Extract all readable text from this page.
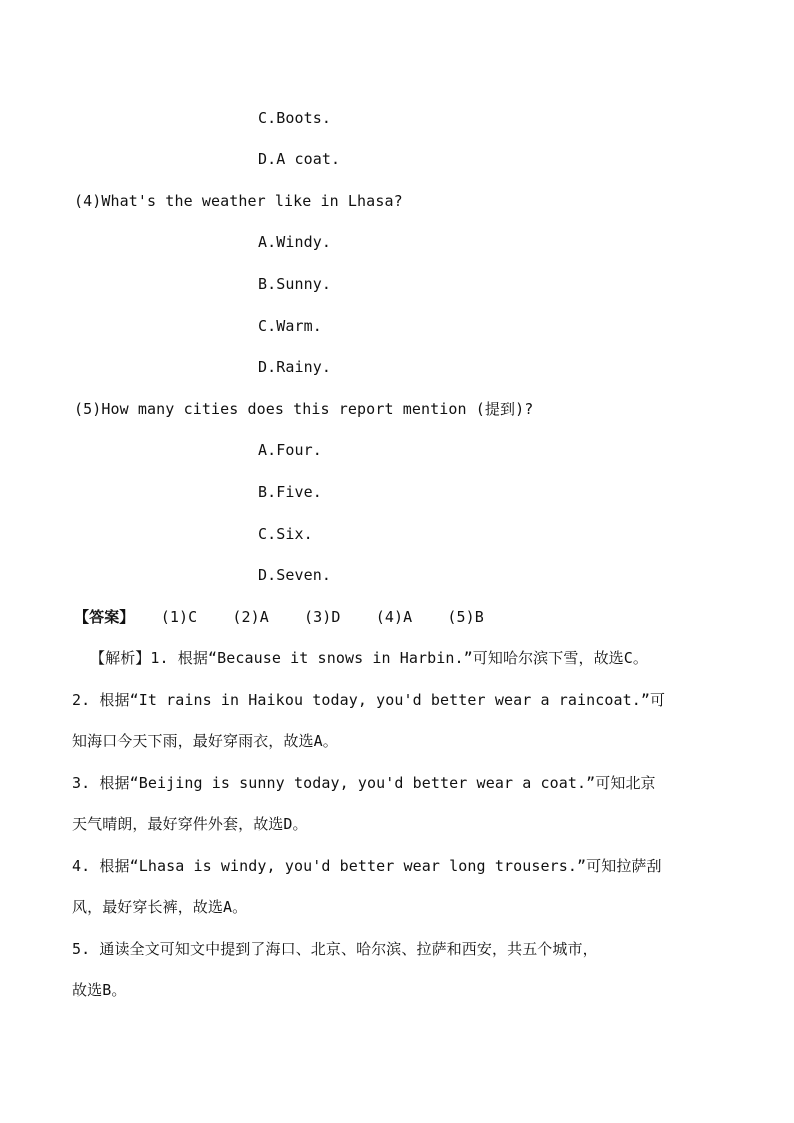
C.Boots.
D.A coat.
(4)What's the weather like in Lhasa?
A.Windy.
B.Sunny.
C.Warm.
D.Rainy.
(5)How many cities does this report mention (提到)?
A.Four.
B.Five.
C.Six.
D.Seven.
【答案】 (1)C (2)A (3)D (4)A (5)B
【解析】1. 根据“Because it snows in Harbin.”可知哈尔滨下雪，故选C。
2. 根据“It rains in Haikou today, you'd better wear a raincoat.”可
知海口今天下雨，最好穿雨衣，故选A。
3. 根据“Beijing is sunny today, you'd better wear a coat.”可知北京
天气晴朗，最好穿件外套，故选D。
4. 根据“Lhasa is windy, you'd better wear long trousers.”可知拉萨刮
风，最好穿长裤，故选A。
5. 通读全文可知文中提到了海口、北京、哈尔滨、拉萨和西安，共五个城市，
故选B。
